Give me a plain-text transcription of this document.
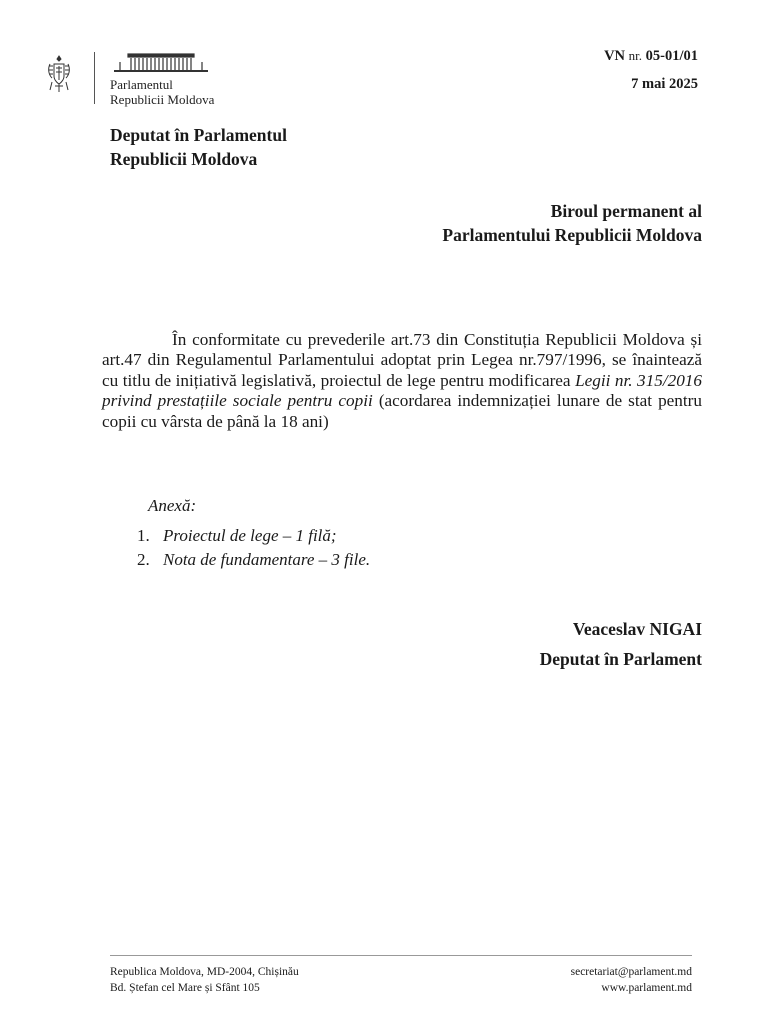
Parlamentul
Republicii Moldova
VN nr. 05-01/01
7 mai 2025
Deputat în Parlamentul
Republicii Moldova
Biroul permanent al
Parlamentului Republicii Moldova
În conformitate cu prevederile art.73 din Constituția Republicii Moldova și art.47 din Regulamentul Parlamentului adoptat prin Legea nr.797/1996, se înaintează cu titlu de inițiativă legislativă, proiectul de lege pentru modificarea Legii nr. 315/2016 privind prestațiile sociale pentru copii (acordarea indemnizației lunare de stat pentru copii cu vârsta de până la 18 ani)
Anexă:
1. Proiectul de lege – 1 filă;
2. Nota de fundamentare – 3 file.
Veaceslav NIGAI
Deputat în Parlament
Republica Moldova, MD-2004, Chișinău
Bd. Ștefan cel Mare și Sfânt 105
secretariat@parlament.md
www.parlament.md
